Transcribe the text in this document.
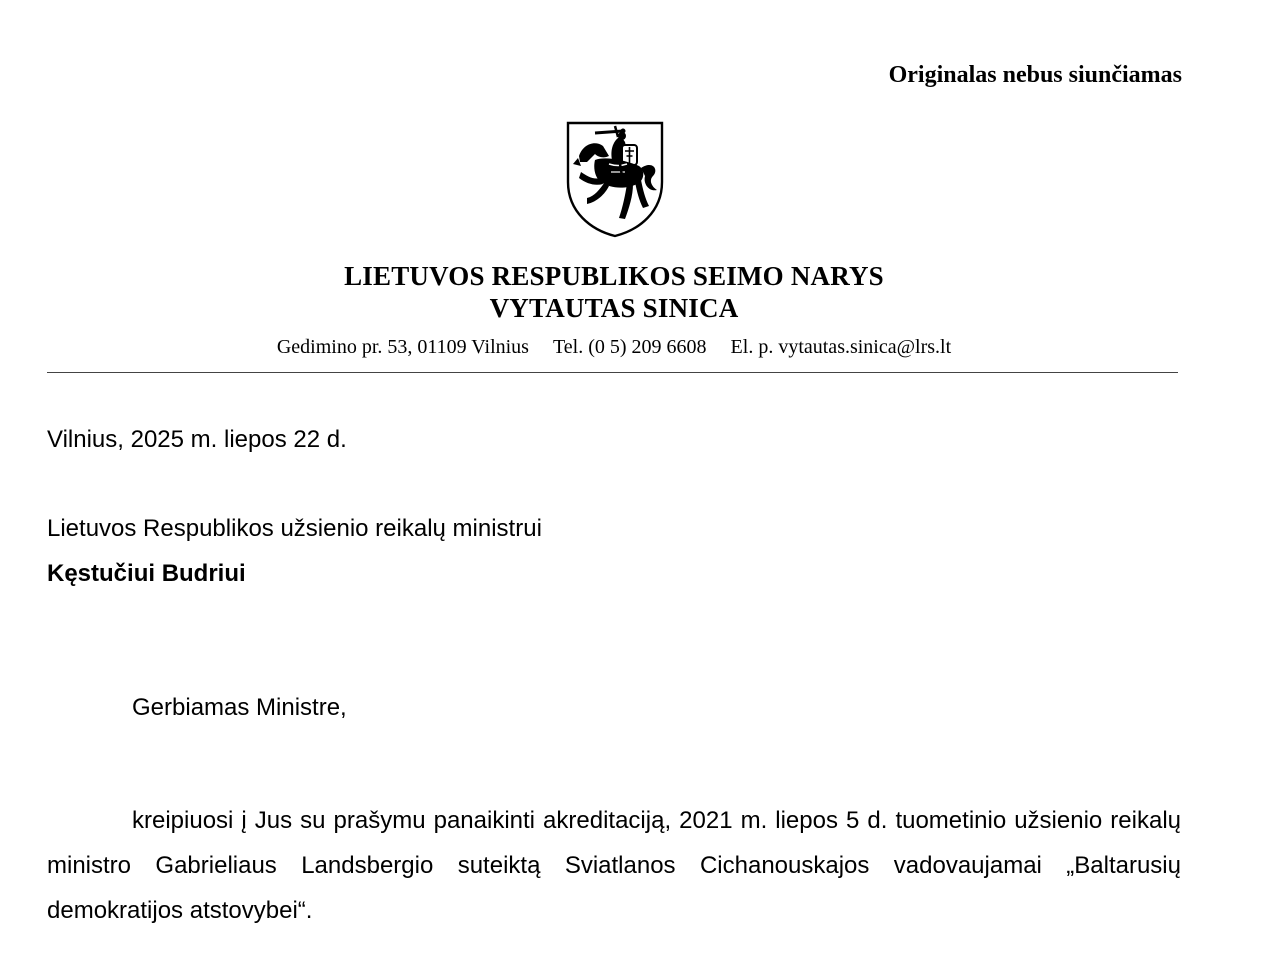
Originalas nebus siunčiamas
LIETUVOS RESPUBLIKOS SEIMO NARYS
VYTAUTAS SINICA
Gedimino pr. 53, 01109 Vilnius Tel. (0 5) 209 6608 El. p. vytautas.sinica@lrs.lt
Vilnius, 2025 m. liepos 22 d.
Lietuvos Respublikos užsienio reikalų ministrui
Kęstučiui Budriui
Gerbiamas Ministre,
kreipiuosi į Jus su prašymu panaikinti akreditaciją, 2021 m. liepos 5 d. tuometinio užsienio reikalų ministro Gabrieliaus Landsbergio suteiktą Sviatlanos Cichanouskajos vadovaujamai „Baltarusių demokratijos atstovybei“.
